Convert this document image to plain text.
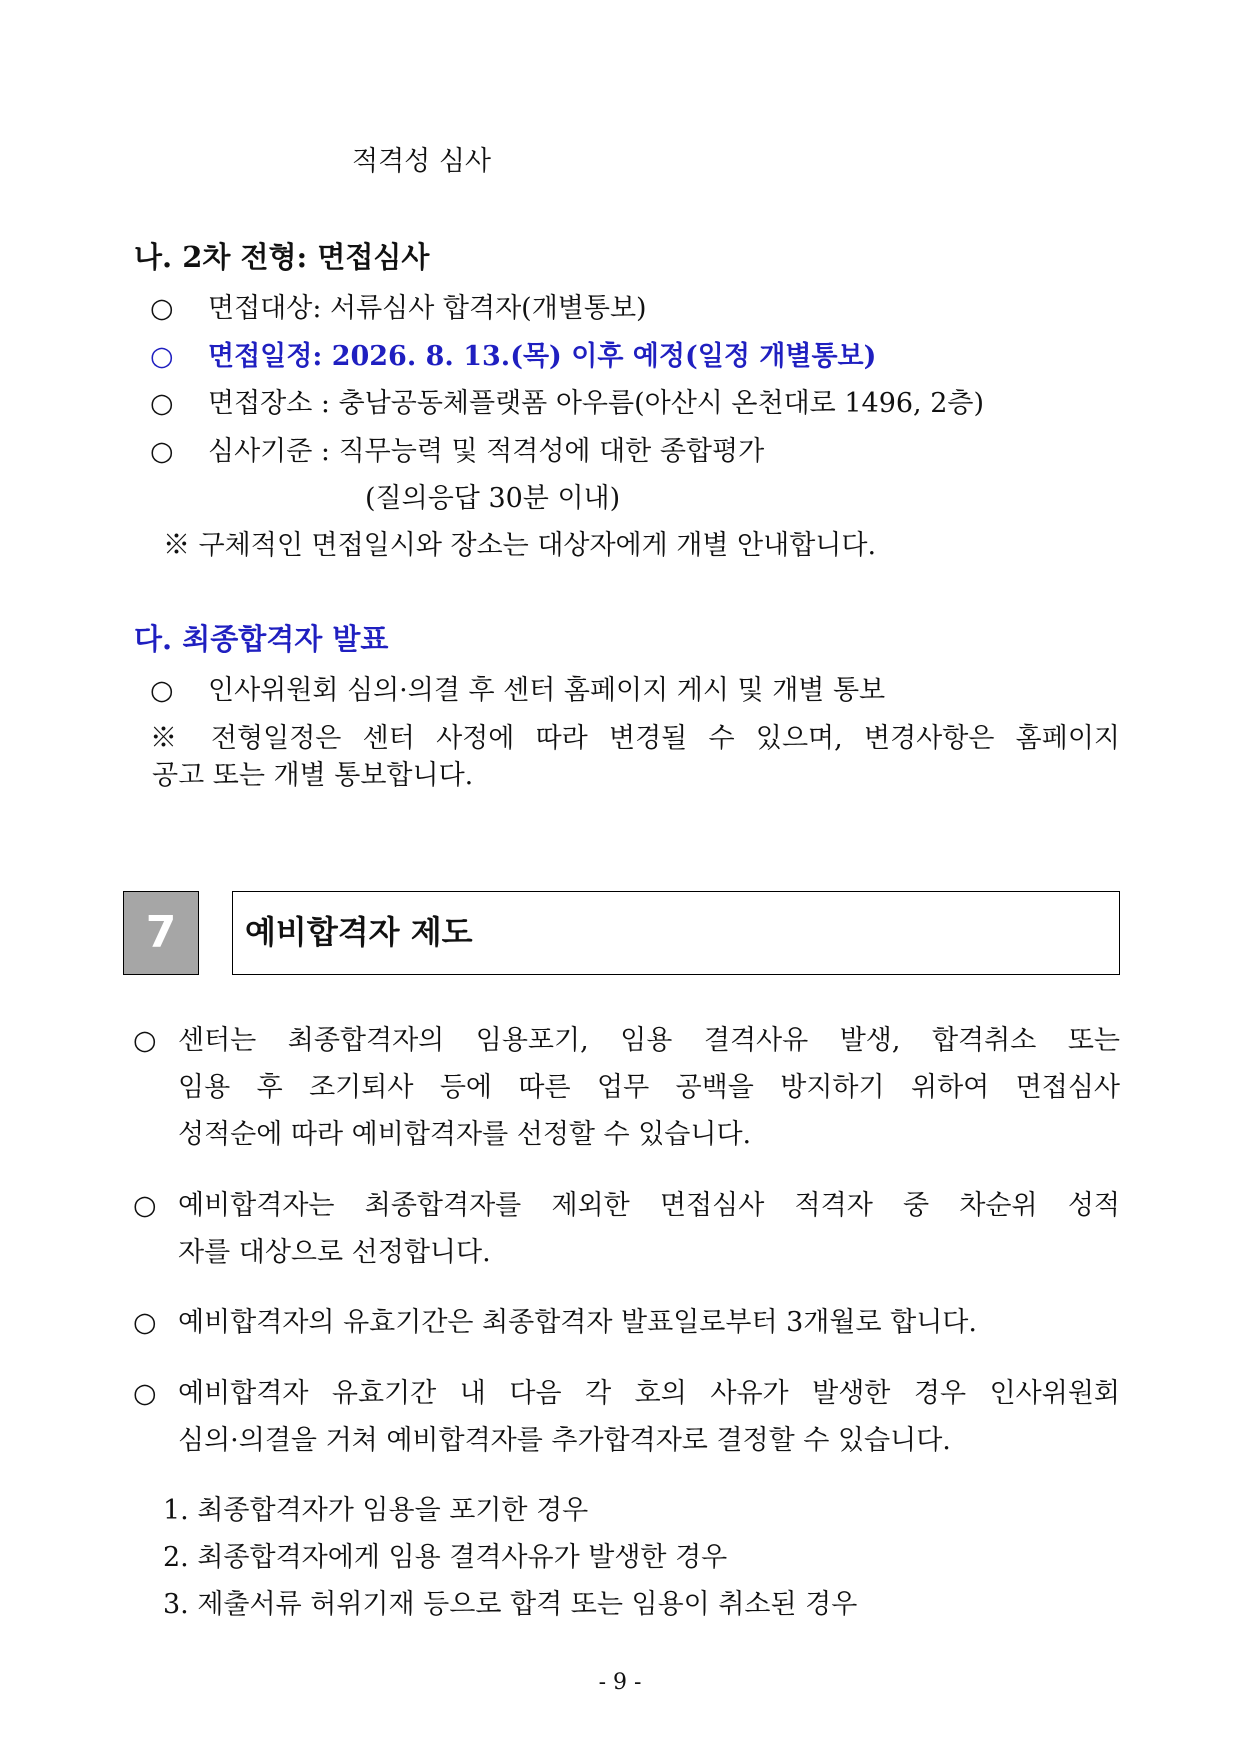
적격성 심사
나. 2차 전형: 면접심사
○ 면접대상: 서류심사 합격자(개별통보)
○ 면접일정: 2026. 8. 13.(목) 이후 예정(일정 개별통보)
○ 면접장소 : 충남공동체플랫폼 아우름(아산시 온천대로 1496, 2층)
○ 심사기준 : 직무능력 및 적격성에 대한 종합평가
(질의응답 30분 이내)
※ 구체적인 면접일시와 장소는 대상자에게 개별 안내합니다.
다. 최종합격자 발표
○ 인사위원회 심의·의결 후 센터 홈페이지 게시 및 개별 통보
※ 전형일정은 센터 사정에 따라 변경될 수 있으며, 변경사항은 홈페이지
공고 또는 개별 통보합니다.
7	예비합격자 제도
○ 센터는 최종합격자의 임용포기, 임용 결격사유 발생, 합격취소 또는
임용 후 조기퇴사 등에 따른 업무 공백을 방지하기 위하여 면접심사
성적순에 따라 예비합격자를 선정할 수 있습니다.
○ 예비합격자는 최종합격자를 제외한 면접심사 적격자 중 차순위 성적
자를 대상으로 선정합니다.
○ 예비합격자의 유효기간은 최종합격자 발표일로부터 3개월로 합니다.
○ 예비합격자 유효기간 내 다음 각 호의 사유가 발생한 경우 인사위원회
심의·의결을 거쳐 예비합격자를 추가합격자로 결정할 수 있습니다.
1. 최종합격자가 임용을 포기한 경우
2. 최종합격자에게 임용 결격사유가 발생한 경우
3. 제출서류 허위기재 등으로 합격 또는 임용이 취소된 경우
- 9 -
